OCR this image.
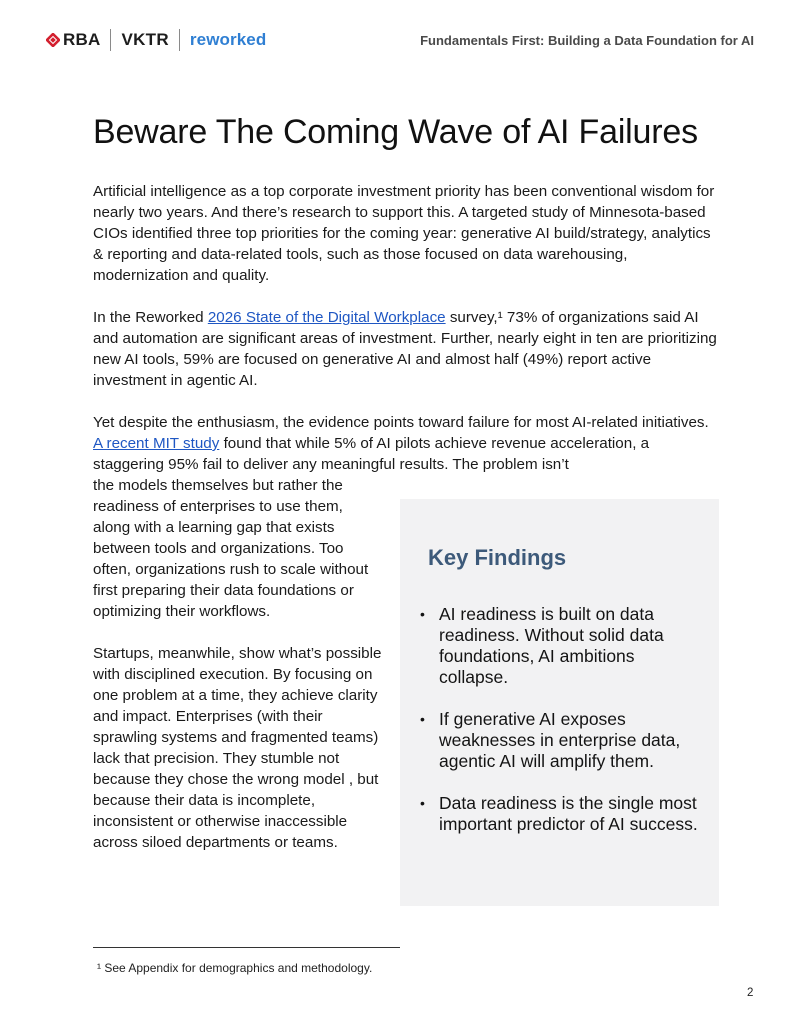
RBA VKTR reworked	Fundamentals First: Building a Data Foundation for AI
Beware The Coming Wave of AI Failures

Artificial intelligence as a top corporate investment priority has been conventional wisdom for nearly two years. And there’s research to support this. A targeted study of Minnesota-based CIOs identified three top priorities for the coming year: generative AI build/strategy, analytics & reporting and data-related tools, such as those focused on data warehousing, modernization and quality.

In the Reworked 2026 State of the Digital Workplace survey,¹ 73% of organizations said AI and automation are significant areas of investment. Further, nearly eight in ten are prioritizing new AI tools, 59% are focused on generative AI and almost half (49%) report active investment in agentic AI.

Yet despite the enthusiasm, the evidence points toward failure for most AI-related initiatives. A recent MIT study found that while 5% of AI pilots achieve revenue acceleration, a staggering 95% fail to deliver any meaningful results. The problem isn’t

the models themselves but rather the readiness of enterprises to use them, along with a learning gap that exists between tools and organizations. Too often, organizations rush to scale without first preparing their data foundations or optimizing their workflows.

Startups, meanwhile, show what’s possible with disciplined execution. By focusing on one problem at a time, they achieve clarity and impact. Enterprises (with their sprawling systems and fragmented teams) lack that precision. They stumble not because they chose the wrong model , but because their data is incomplete, inconsistent or otherwise inaccessible across siloed departments or teams.

Key Findings
• AI readiness is built on data readiness. Without solid data foundations, AI ambitions collapse.
• If generative AI exposes weaknesses in enterprise data, agentic AI will amplify them.
• Data readiness is the single most important predictor of AI success.

¹ See Appendix for demographics and methodology.

2
